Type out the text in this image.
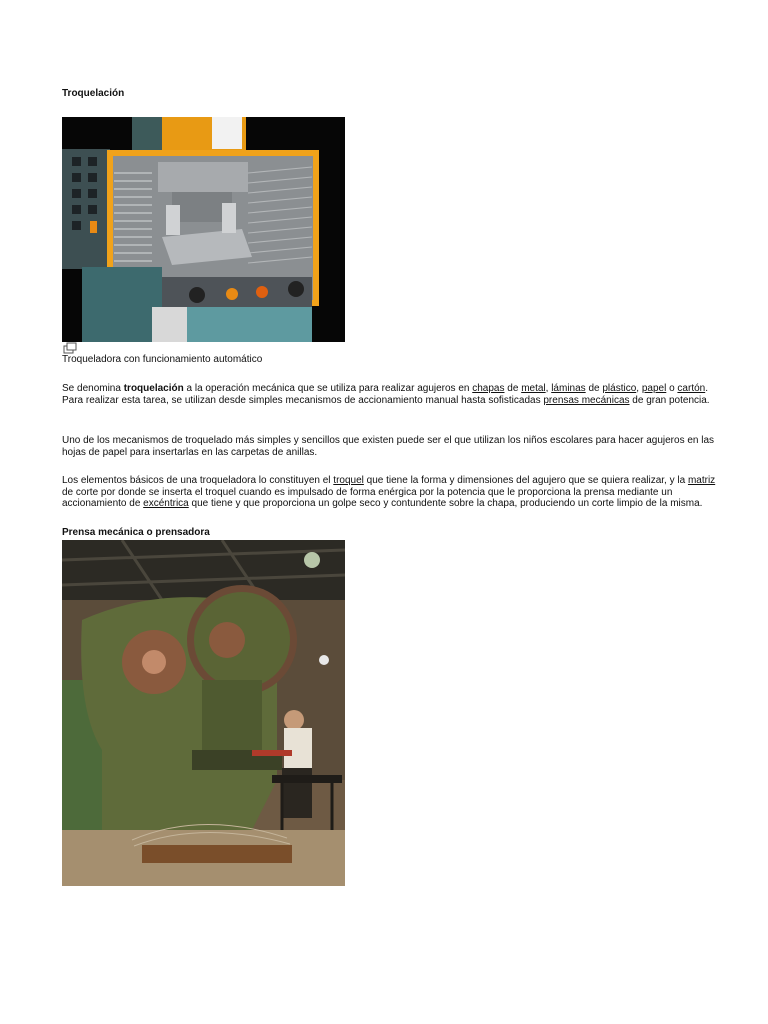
Troquelación
Troqueladora con funcionamiento automático
Se denomina troquelación a la operación mecánica que se utiliza para realizar agujeros en chapas de metal, láminas de plástico, papel o cartón. Para realizar esta tarea, se utilizan desde simples mecanismos de accionamiento manual hasta sofisticadas prensas mecánicas de gran potencia.
Uno de los mecanismos de troquelado más simples y sencillos que existen puede ser el que utilizan los niños escolares para hacer agujeros en las hojas de papel para insertarlas en las carpetas de anillas.
Los elementos básicos de una troqueladora lo constituyen el troquel que tiene la forma y dimensiones del agujero que se quiera realizar, y la matriz de corte por donde se inserta el troquel cuando es impulsado de forma enérgica por la potencia que le proporciona la prensa mediante un accionamiento de excéntrica que tiene y que proporciona un golpe seco y contundente sobre la chapa, produciendo un corte limpio de la misma.
Prensa mecánica o prensadora
